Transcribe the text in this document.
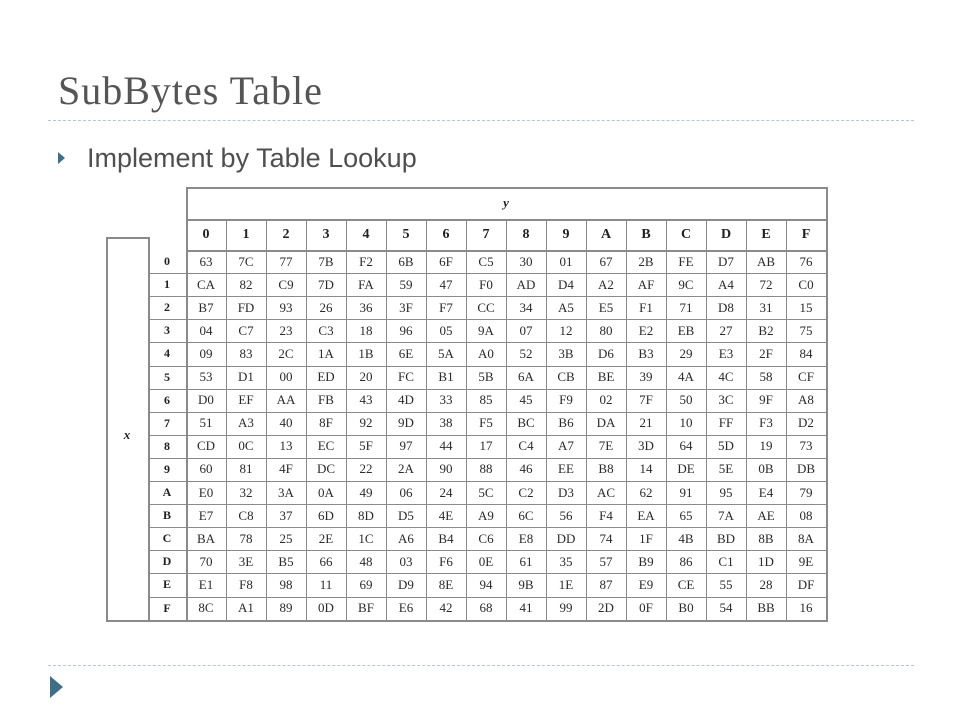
SubBytes Table
Implement by Table Lookup
y
0	1	2	3	4	5	6	7	8	9	A	B	C	D	E	F
x
0	63	7C	77	7B	F2	6B	6F	C5	30	01	67	2B	FE	D7	AB	76
1	CA	82	C9	7D	FA	59	47	F0	AD	D4	A2	AF	9C	A4	72	C0
2	B7	FD	93	26	36	3F	F7	CC	34	A5	E5	F1	71	D8	31	15
3	04	C7	23	C3	18	96	05	9A	07	12	80	E2	EB	27	B2	75
4	09	83	2C	1A	1B	6E	5A	A0	52	3B	D6	B3	29	E3	2F	84
5	53	D1	00	ED	20	FC	B1	5B	6A	CB	BE	39	4A	4C	58	CF
6	D0	EF	AA	FB	43	4D	33	85	45	F9	02	7F	50	3C	9F	A8
7	51	A3	40	8F	92	9D	38	F5	BC	B6	DA	21	10	FF	F3	D2
8	CD	0C	13	EC	5F	97	44	17	C4	A7	7E	3D	64	5D	19	73
9	60	81	4F	DC	22	2A	90	88	46	EE	B8	14	DE	5E	0B	DB
A	E0	32	3A	0A	49	06	24	5C	C2	D3	AC	62	91	95	E4	79
B	E7	C8	37	6D	8D	D5	4E	A9	6C	56	F4	EA	65	7A	AE	08
C	BA	78	25	2E	1C	A6	B4	C6	E8	DD	74	1F	4B	BD	8B	8A
D	70	3E	B5	66	48	03	F6	0E	61	35	57	B9	86	C1	1D	9E
E	E1	F8	98	11	69	D9	8E	94	9B	1E	87	E9	CE	55	28	DF
F	8C	A1	89	0D	BF	E6	42	68	41	99	2D	0F	B0	54	BB	16
